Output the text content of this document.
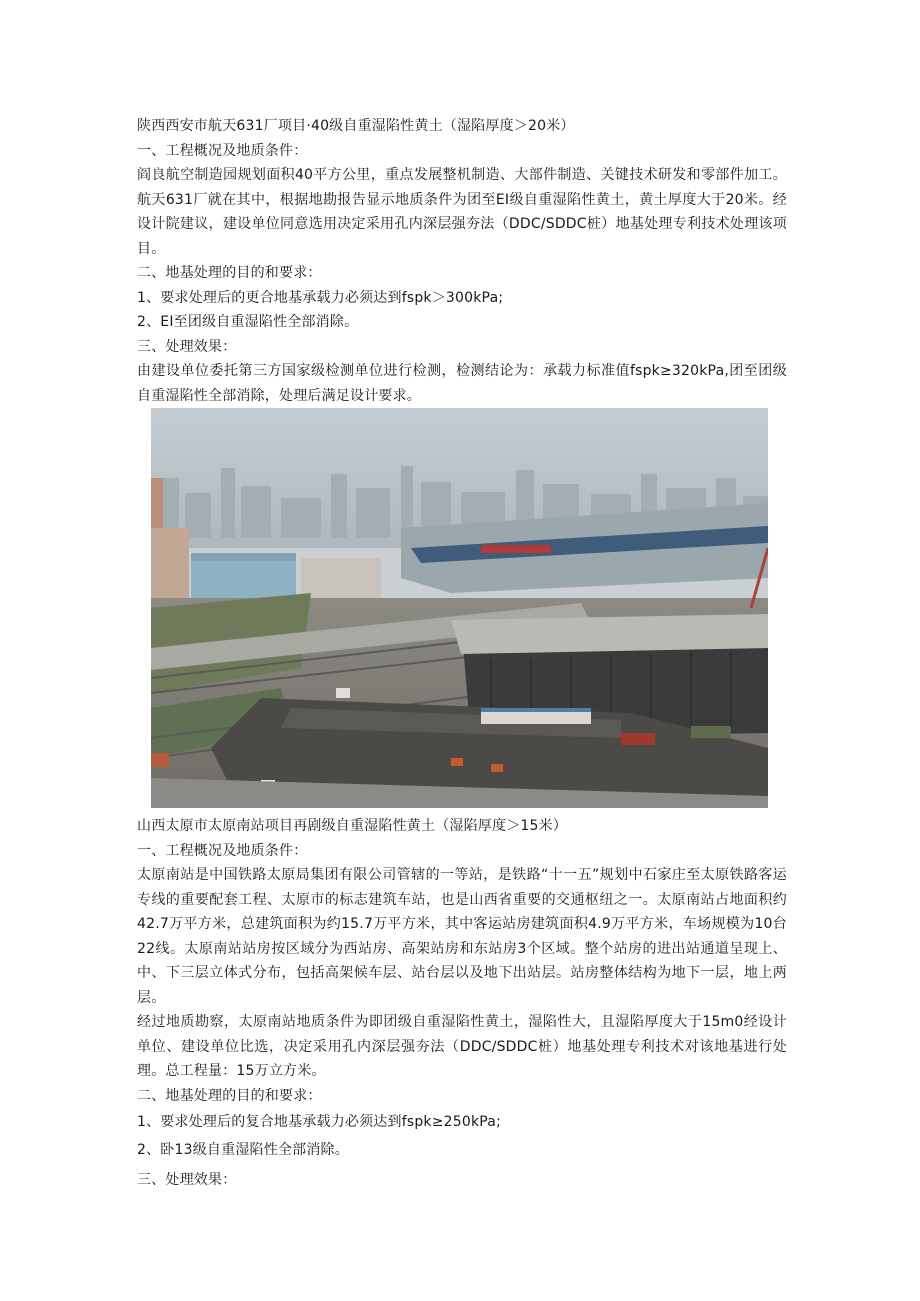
陕西西安市航天631厂项目·40级自重湿陷性黄土（湿陷厚度＞20米）

一、工程概况及地质条件：

阎良航空制造园规划面积40平方公里，重点发展整机制造、大部件制造、关键技术研发和零部件加工。航天631厂就在其中，根据地勘报告显示地质条件为团至EI级自重湿陷性黄土，黄土厚度大于20米。经设计院建议，建设单位同意选用决定采用孔内深层强夯法（DDC/SDDC桩）地基处理专利技术处理该项目。

二、地基处理的目的和要求：

1、要求处理后的更合地基承载力必须达到fspk＞300kPa;

2、EI至团级自重湿陷性全部消除。

三、处理效果：

由建设单位委托第三方国家级检测单位进行检测，检测结论为：承载力标准值fspk≥320kPa,团至团级自重湿陷性全部消除，处理后满足设计要求。

山西太原市太原南站项目再剧级自重湿陷性黄土（湿陷厚度＞15米）

一、工程概况及地质条件：

太原南站是中国铁路太原局集团有限公司管辖的一等站，是铁路“十一五”规划中石家庄至太原铁路客运专线的重要配套工程、太原市的标志建筑车站，也是山西省重要的交通枢纽之一。太原南站占地面积约42.7万平方米，总建筑面积为约15.7万平方米，其中客运站房建筑面积4.9万平方米，车场规模为10台22线。太原南站站房按区域分为西站房、高架站房和东站房3个区域。整个站房的进出站通道呈现上、中、下三层立体式分布，包括高架候车层、站台层以及地下出站层。站房整体结构为地下一层，地上两层。

经过地质勘察，太原南站地质条件为即团级自重湿陷性黄土，湿陷性大，且湿陷厚度大于15m0经设计单位、建设单位比选，决定采用孔内深层强夯法（DDC∕SDDC桩）地基处理专利技术对该地基进行处理。总工程量：15万立方米。

二、地基处理的目的和要求：

1、要求处理后的复合地基承载力必须达到fspk≥250kPa;

2、卧13级自重湿陷性全部消除。

三、处理效果：
